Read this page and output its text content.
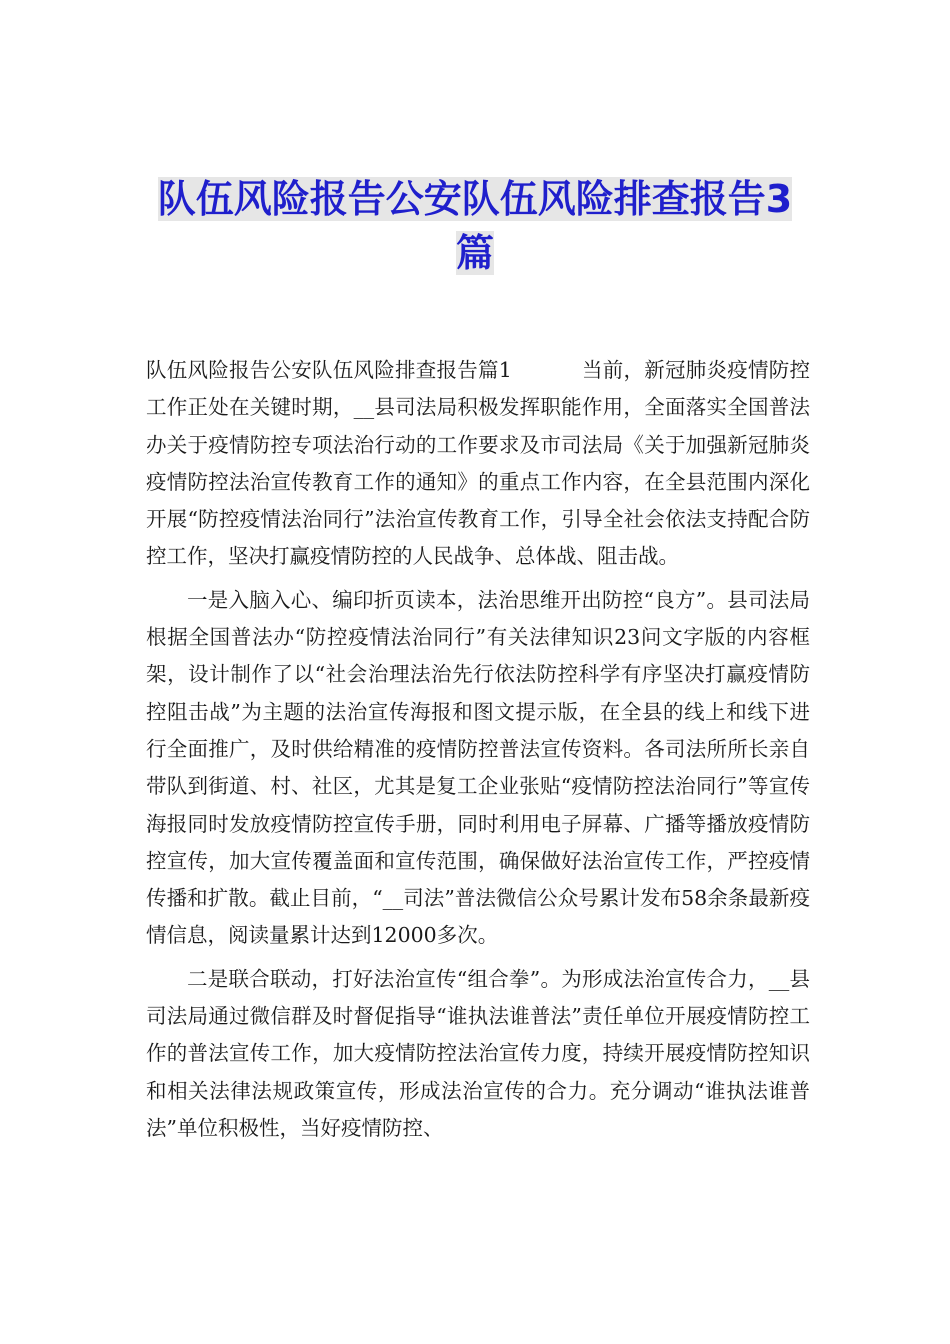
队伍风险报告公安队伍风险排查报告3篇

队伍风险报告公安队伍风险排查报告篇1	当前，新冠肺炎疫情防控工作正处在关键时期，__县司法局积极发挥职能作用，全面落实全国普法办关于疫情防控专项法治行动的工作要求及市司法局《关于加强新冠肺炎疫情防控法治宣传教育工作的通知》的重点工作内容，在全县范围内深化开展“防控疫情法治同行”法治宣传教育工作，引导全社会依法支持配合防控工作，坚决打赢疫情防控的人民战争、总体战、阻击战。

一是入脑入心、编印折页读本，法治思维开出防控“良方”。县司法局根据全国普法办“防控疫情法治同行”有关法律知识23问文字版的内容框架，设计制作了以“社会治理法治先行依法防控科学有序坚决打赢疫情防控阻击战”为主题的法治宣传海报和图文提示版，在全县的线上和线下进行全面推广，及时供给精准的疫情防控普法宣传资料。各司法所所长亲自带队到街道、村、社区，尤其是复工企业张贴“疫情防控法治同行”等宣传海报同时发放疫情防控宣传手册，同时利用电子屏幕、广播等播放疫情防控宣传，加大宣传覆盖面和宣传范围，确保做好法治宣传工作，严控疫情传播和扩散。截止目前，“__司法”普法微信公众号累计发布58余条最新疫情信息，阅读量累计达到12000多次。

二是联合联动，打好法治宣传“组合拳”。为形成法治宣传合力，__县司法局通过微信群及时督促指导“谁执法谁普法”责任单位开展疫情防控工作的普法宣传工作，加大疫情防控法治宣传力度，持续开展疫情防控知识和相关法律法规政策宣传，形成法治宣传的合力。充分调动“谁执法谁普法”单位积极性，当好疫情防控、
